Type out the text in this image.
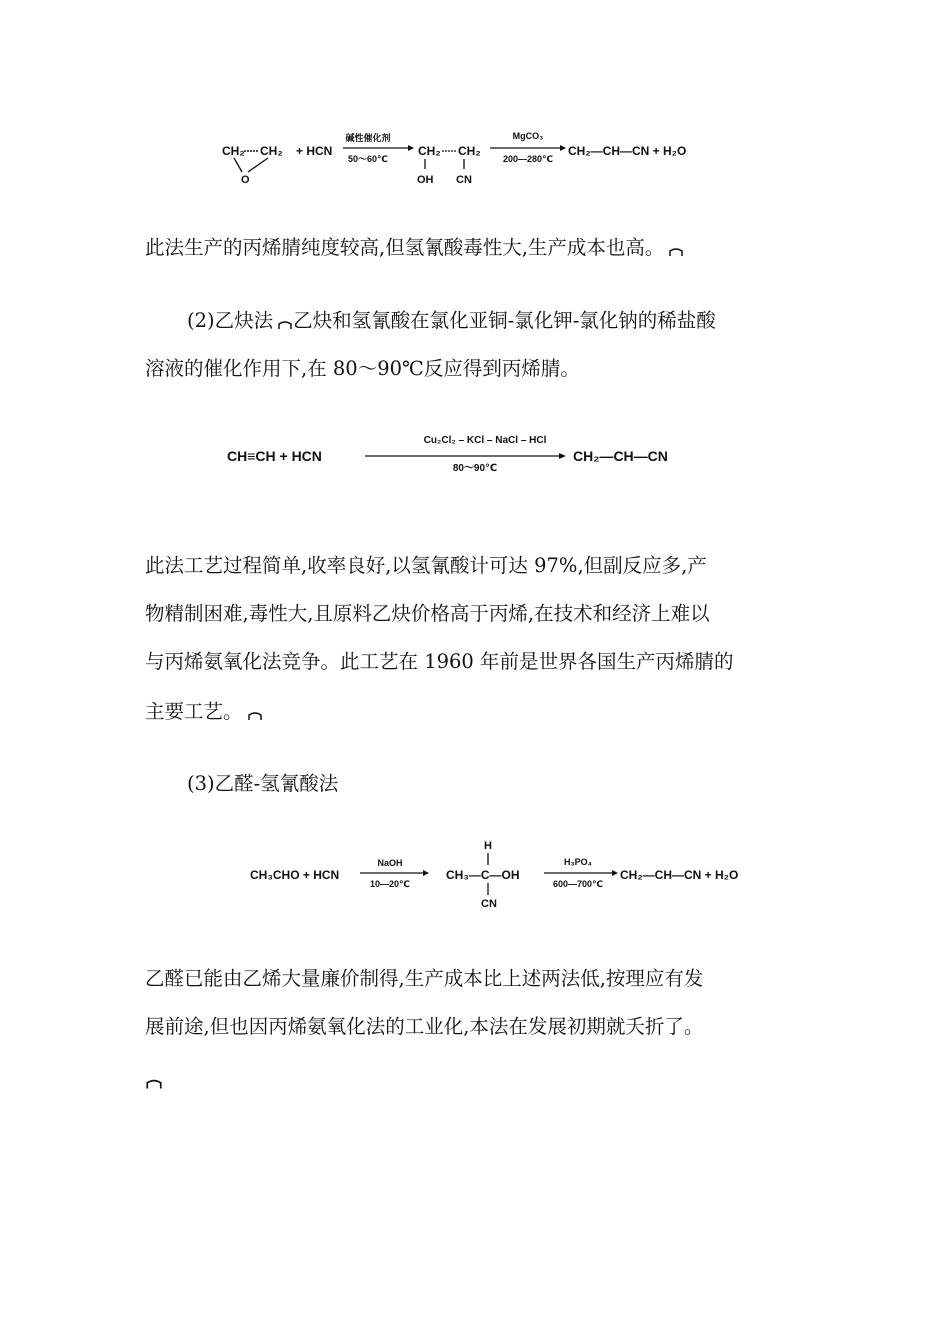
CH₂ CH₂
O
+ HCN
碱性催化剂
50～60℃
CH₂ CH₂
OH CN
MgCO₃
200—280℃
CH₂—CH—CN + H₂O

此法生产的丙烯腈纯度较高,但氢氰酸毒性大,生产成本也高。

(2)乙炔法 乙炔和氢氰酸在氯化亚铜-氯化钾-氯化钠的稀盐酸

溶液的催化作用下,在 80～90℃反应得到丙烯腈。

CH≡CH + HCN
Cu₂Cl₂ – KCl – NaCl – HCl
80～90℃
CH₂—CH—CN

此法工艺过程简单,收率良好,以氢氰酸计可达 97%,但副反应多,产

物精制困难,毒性大,且原料乙炔价格高于丙烯,在技术和经济上难以

与丙烯氨氧化法竞争。此工艺在 1960 年前是世界各国生产丙烯腈的

主要工艺。

(3)乙醛-氢氰酸法

CH₃CHO + HCN
NaOH
10—20℃
H
CH₃—C—OH
CN
H₃PO₄
600—700℃
CH₂—CH—CN + H₂O

乙醛已能由乙烯大量廉价制得,生产成本比上述两法低,按理应有发

展前途,但也因丙烯氨氧化法的工业化,本法在发展初期就夭折了。
